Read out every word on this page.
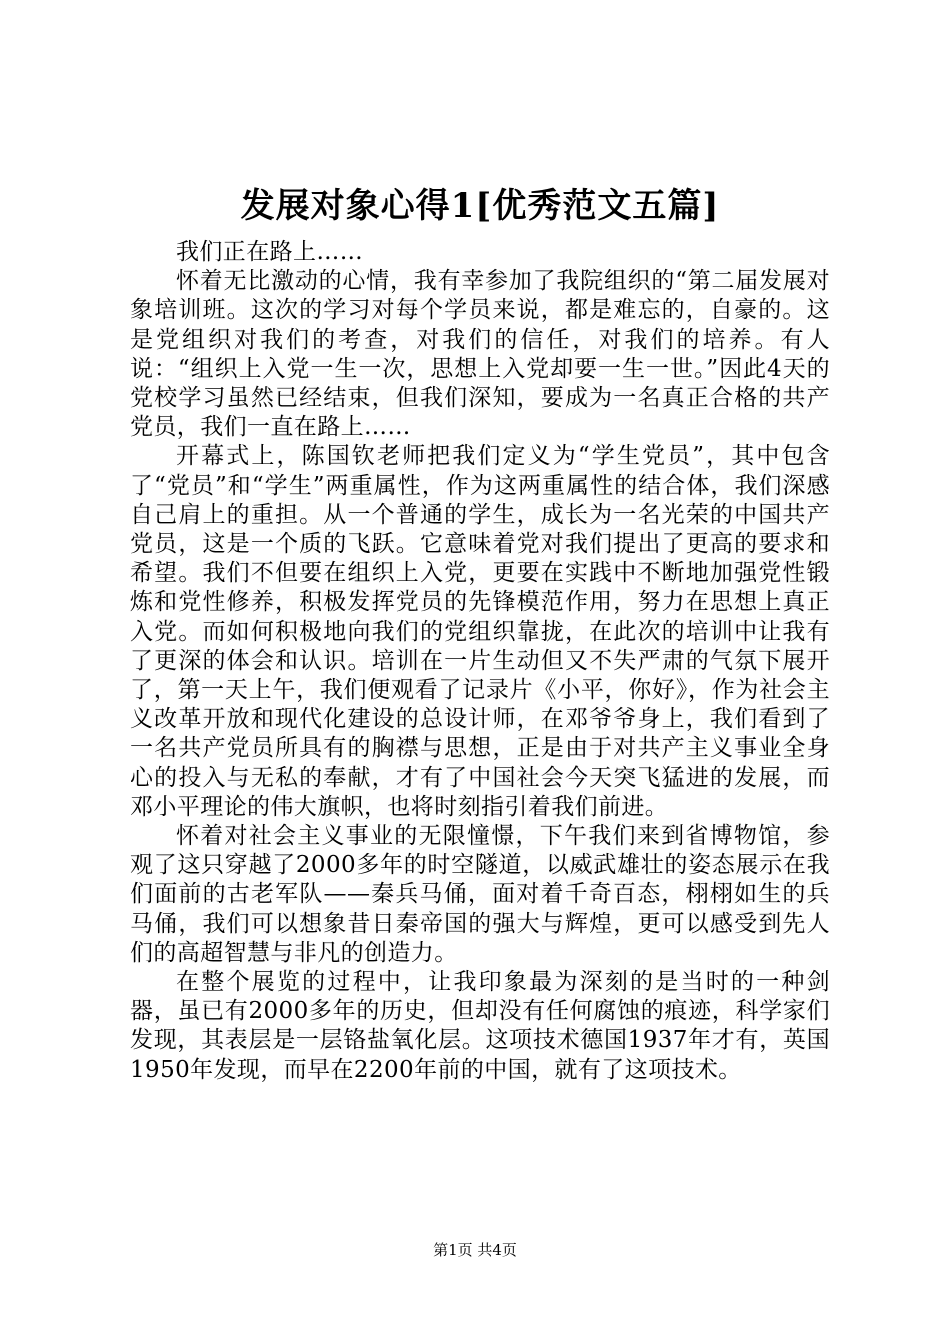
发展对象心得1[优秀范文五篇]

我们正在路上……

怀着无比激动的心情，我有幸参加了我院组织的“第二届发展对象培训班。这次的学习对每个学员来说，都是难忘的，自豪的。这是党组织对我们的考查，对我们的信任，对我们的培养。有人说：“组织上入党一生一次，思想上入党却要一生一世。”因此4天的党校学习虽然已经结束，但我们深知，要成为一名真正合格的共产党员，我们一直在路上……

开幕式上，陈国钦老师把我们定义为“学生党员”，其中包含了“党员”和“学生”两重属性，作为这两重属性的结合体，我们深感自己肩上的重担。从一个普通的学生，成长为一名光荣的中国共产党员，这是一个质的飞跃。它意味着党对我们提出了更高的要求和希望。我们不但要在组织上入党，更要在实践中不断地加强党性锻炼和党性修养，积极发挥党员的先锋模范作用，努力在思想上真正入党。而如何积极地向我们的党组织靠拢，在此次的培训中让我有了更深的体会和认识。培训在一片生动但又不失严肃的气氛下展开了，第一天上午，我们便观看了记录片《小平，你好》，作为社会主义改革开放和现代化建设的总设计师，在邓爷爷身上，我们看到了一名共产党员所具有的胸襟与思想，正是由于对共产主义事业全身心的投入与无私的奉献，才有了中国社会今天突飞猛进的发展，而邓小平理论的伟大旗帜，也将时刻指引着我们前进。

怀着对社会主义事业的无限憧憬，下午我们来到省博物馆，参观了这只穿越了2000多年的时空隧道，以威武雄壮的姿态展示在我们面前的古老军队——秦兵马俑，面对着千奇百态，栩栩如生的兵马俑，我们可以想象昔日秦帝国的强大与辉煌，更可以感受到先人们的高超智慧与非凡的创造力。

在整个展览的过程中，让我印象最为深刻的是当时的一种剑器，虽已有2000多年的历史，但却没有任何腐蚀的痕迹，科学家们发现，其表层是一层铬盐氧化层。这项技术德国1937年才有，英国1950年发现，而早在2200年前的中国，就有了这项技术。

第1页 共4页
